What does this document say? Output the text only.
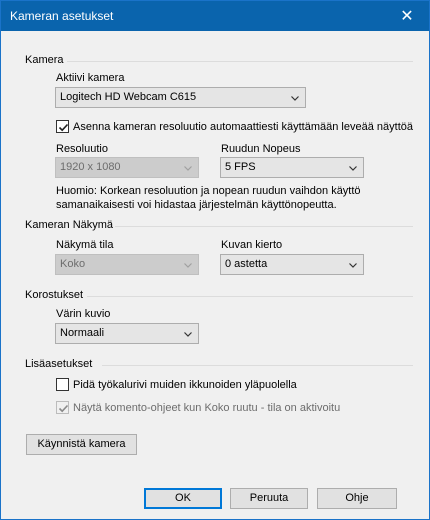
Kameran asetukset	✕
Kamera
Aktiivi kamera
Logitech HD Webcam C615
Asenna kameran resoluutio automaattiesti käyttämään leveää näyttöä
Resoluutio
1920 x 1080
Ruudun Nopeus
5 FPS
Huomio: Korkean resoluution ja nopean ruudun vaihdon käyttö
samanaikaisesti voi hidastaa järjestelmän käyttönopeutta.
Kameran Näkymä
Näkymä tila
Koko
Kuvan kierto
0 astetta
Korostukset
Värin kuvio
Normaali
Lisäasetukset
Pidä työkalurivi muiden ikkunoiden yläpuolella
Näytä komento-ohjeet kun Koko ruutu - tila on aktivoitu
Käynnistä kamera
OK	Peruuta	Ohje
